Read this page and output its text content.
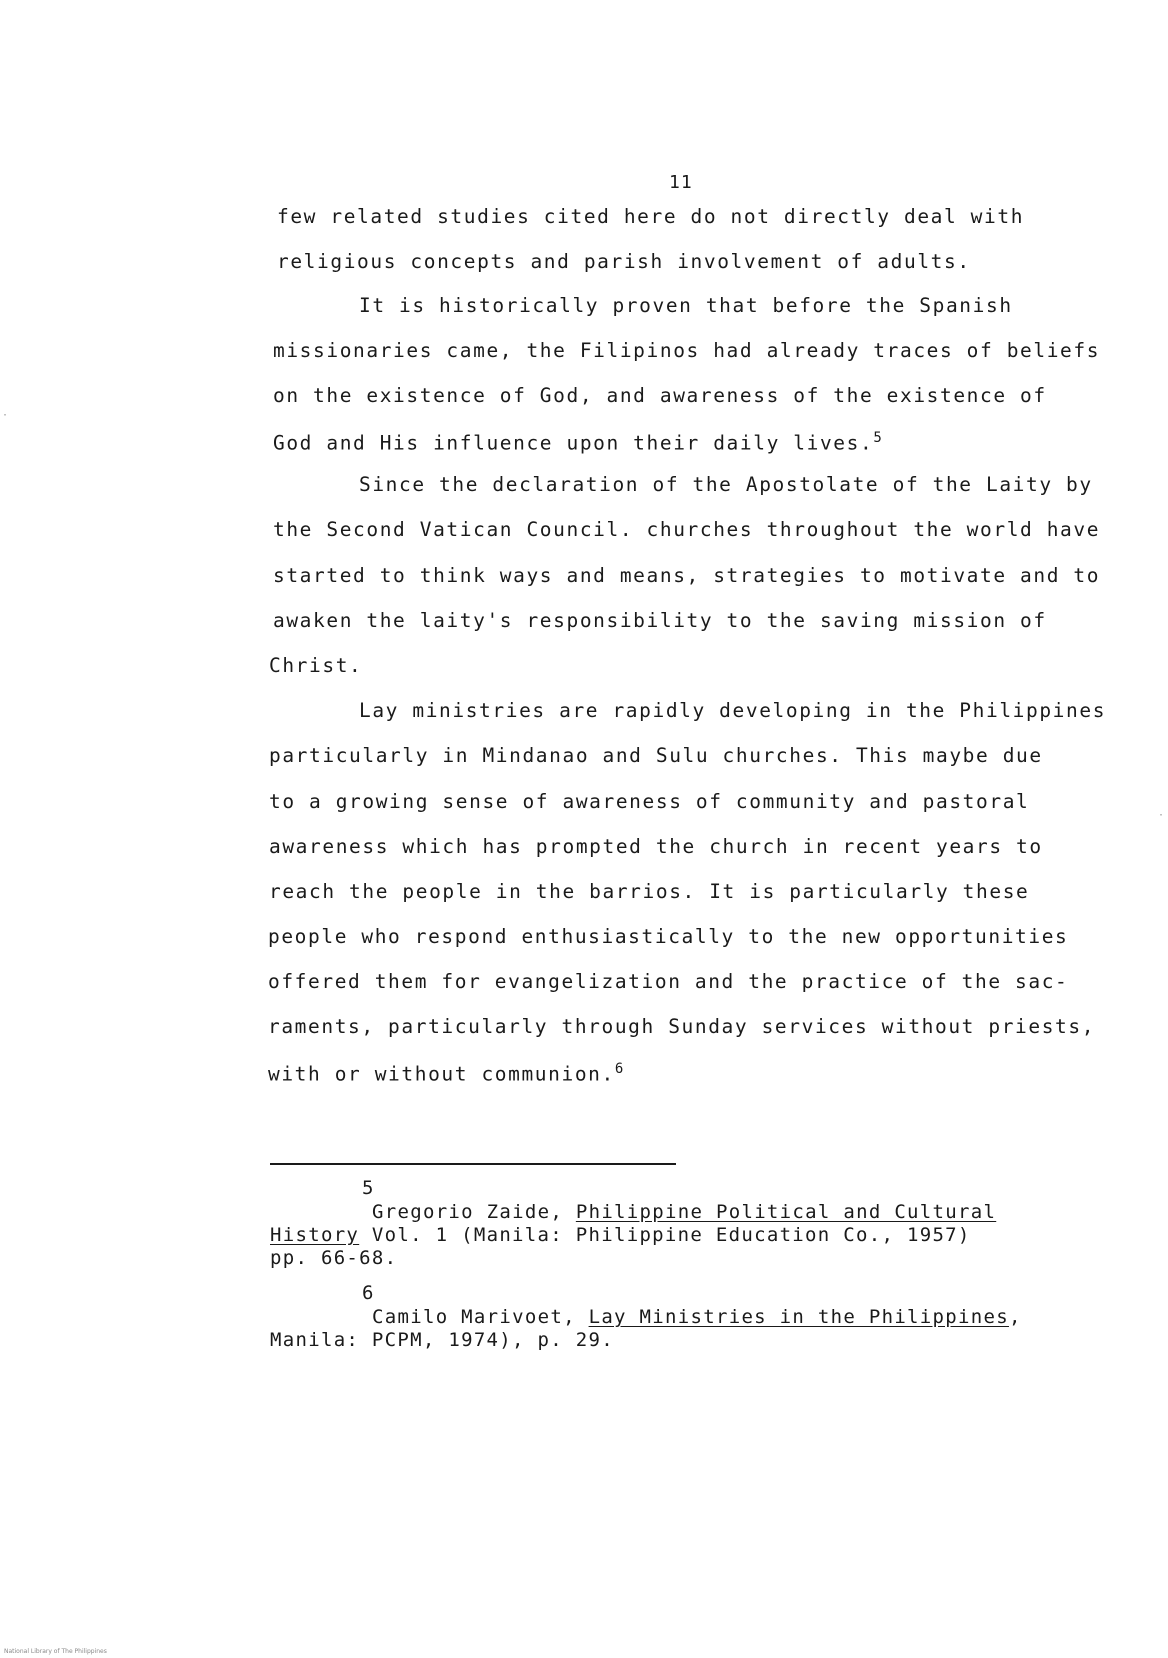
11
few related studies cited here do not directly deal with
religious concepts and parish involvement of adults.
It is historically proven that before the Spanish
missionaries came, the Filipinos had already traces of beliefs
on the existence of God, and awareness of the existence of
God and His influence upon their daily lives.$^5$
Since the declaration of the Apostolate of the Laity by
the Second Vatican Council. churches throughout the world have
started to think ways and means, strategies to motivate and to
awaken the laity's responsibility to the saving mission of
Christ.
Lay ministries are rapidly developing in the Philippines
particularly in Mindanao and Sulu churches. This maybe due
to a growing sense of awareness of community and pastoral
awareness which has prompted the church in recent years to
reach the people in the barrios. It is particularly these
people who respond enthusiastically to the new opportunities
offered them for evangelization and the practice of the sac-
raments, particularly through Sunday services without priests,
with or without communion.$^6$
5
Gregorio Zaide, Philippine Political and Cultural
History Vol. 1 (Manila: Philippine Education Co., 1957)
pp. 66-68.
6
Camilo Marivoet, Lay Ministries in the Philippines,
Manila: PCPM, 1974), p. 29.
·
·
National Library of The Philippines
